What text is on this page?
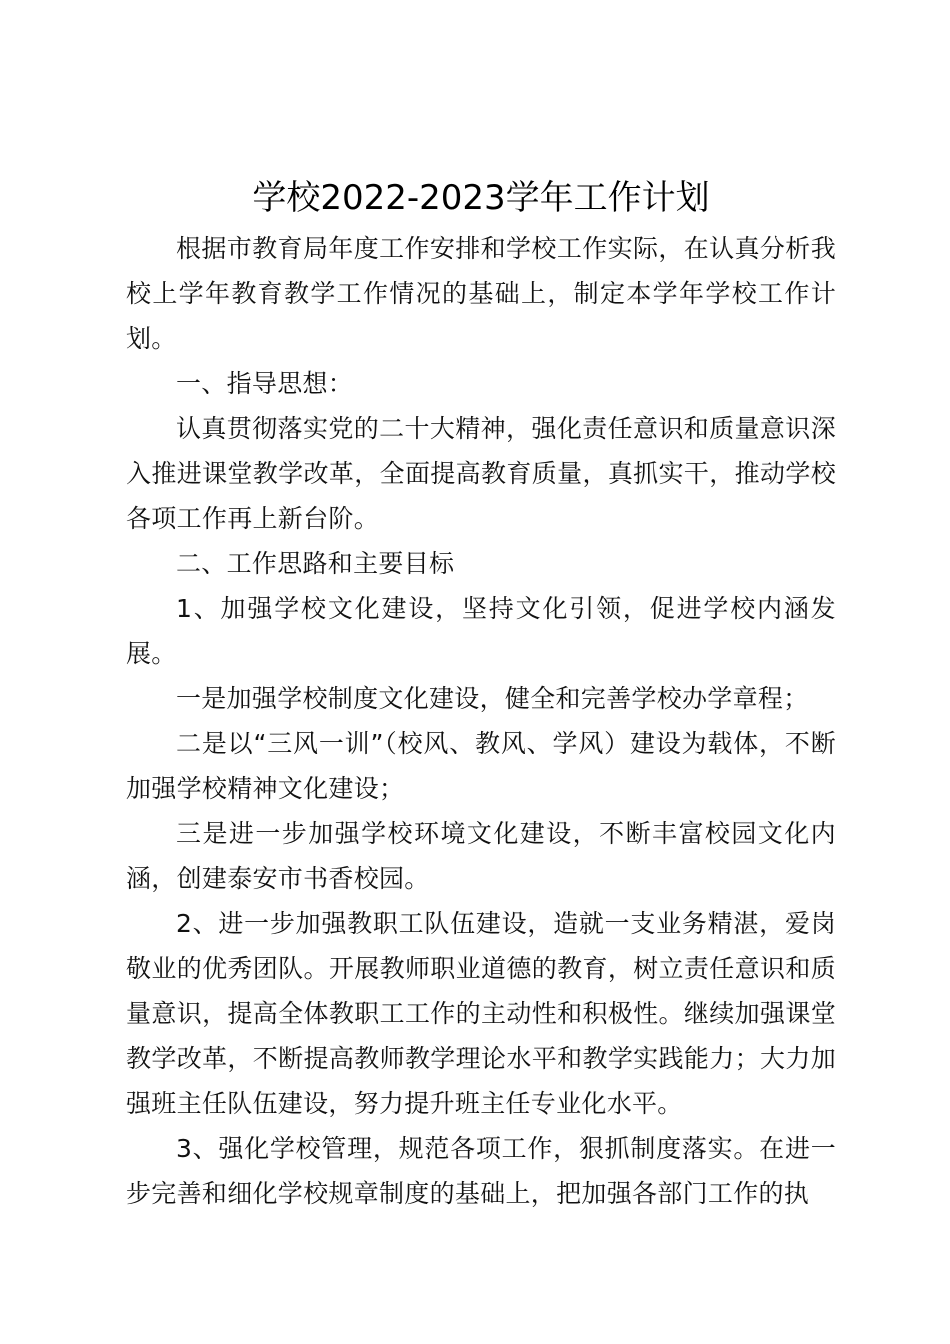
学校2022-2023学年工作计划

根据市教育局年度工作安排和学校工作实际，在认真分析我校上学年教育教学工作情况的基础上，制定本学年学校工作计划。

一、指导思想：

认真贯彻落实党的二十大精神，强化责任意识和质量意识深入推进课堂教学改革，全面提高教育质量，真抓实干，推动学校各项工作再上新台阶。

二、工作思路和主要目标

1、加强学校文化建设，坚持文化引领，促进学校内涵发展。

一是加强学校制度文化建设，健全和完善学校办学章程；

二是以“三风一训”（校风、教风、学风）建设为载体，不断加强学校精神文化建设；

三是进一步加强学校环境文化建设，不断丰富校园文化内涵，创建泰安市书香校园。

2、进一步加强教职工队伍建设，造就一支业务精湛，爱岗敬业的优秀团队。开展教师职业道德的教育，树立责任意识和质量意识，提高全体教职工工作的主动性和积极性。继续加强课堂教学改革，不断提高教师教学理论水平和教学实践能力；大力加强班主任队伍建设，努力提升班主任专业化水平。

3、强化学校管理，规范各项工作，狠抓制度落实。在进一步完善和细化学校规章制度的基础上，把加强各部门工作的执
